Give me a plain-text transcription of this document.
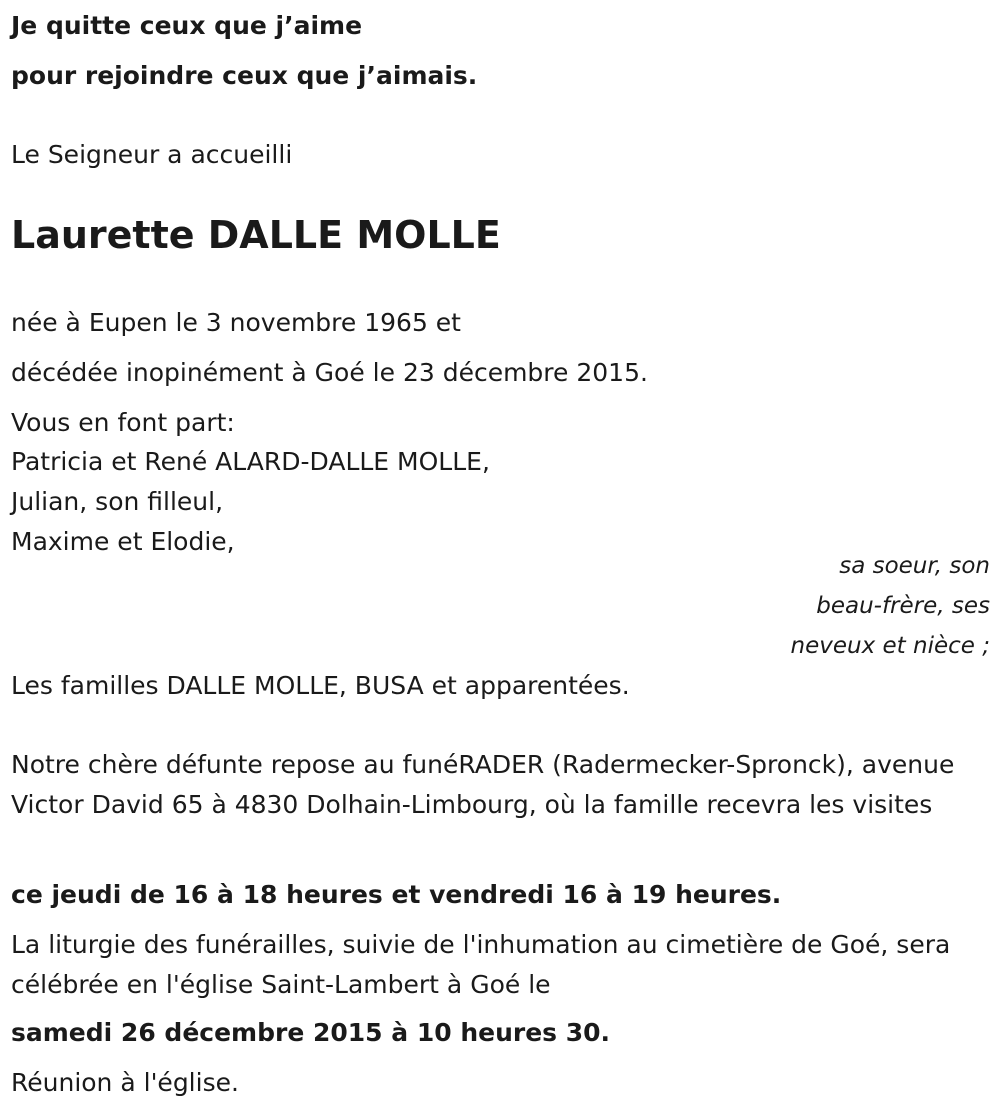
Je quitte ceux que j’aime

pour rejoindre ceux que j’aimais.

Le Seigneur a accueilli

Laurette DALLE MOLLE

née à Eupen le 3 novembre 1965 et

décédée inopinément à Goé le 23 décembre 2015.

Vous en font part:

Patricia et René ALARD-DALLE MOLLE,

Julian, son filleul,

Maxime et Elodie,

sa soeur, son

beau-frère, ses

neveux et nièce ;

Les familles DALLE MOLLE, BUSA et apparentées.

Notre chère défunte repose au funéRADER (Radermecker-Spronck), avenue Victor David 65 à 4830 Dolhain-Limbourg, où la famille recevra les visites

ce jeudi de 16 à 18 heures et vendredi 16 à 19 heures.

La liturgie des funérailles, suivie de l'inhumation au cimetière de Goé, sera célébrée en l'église Saint-Lambert à Goé le

samedi 26 décembre 2015 à 10 heures 30.

Réunion à l'église.
